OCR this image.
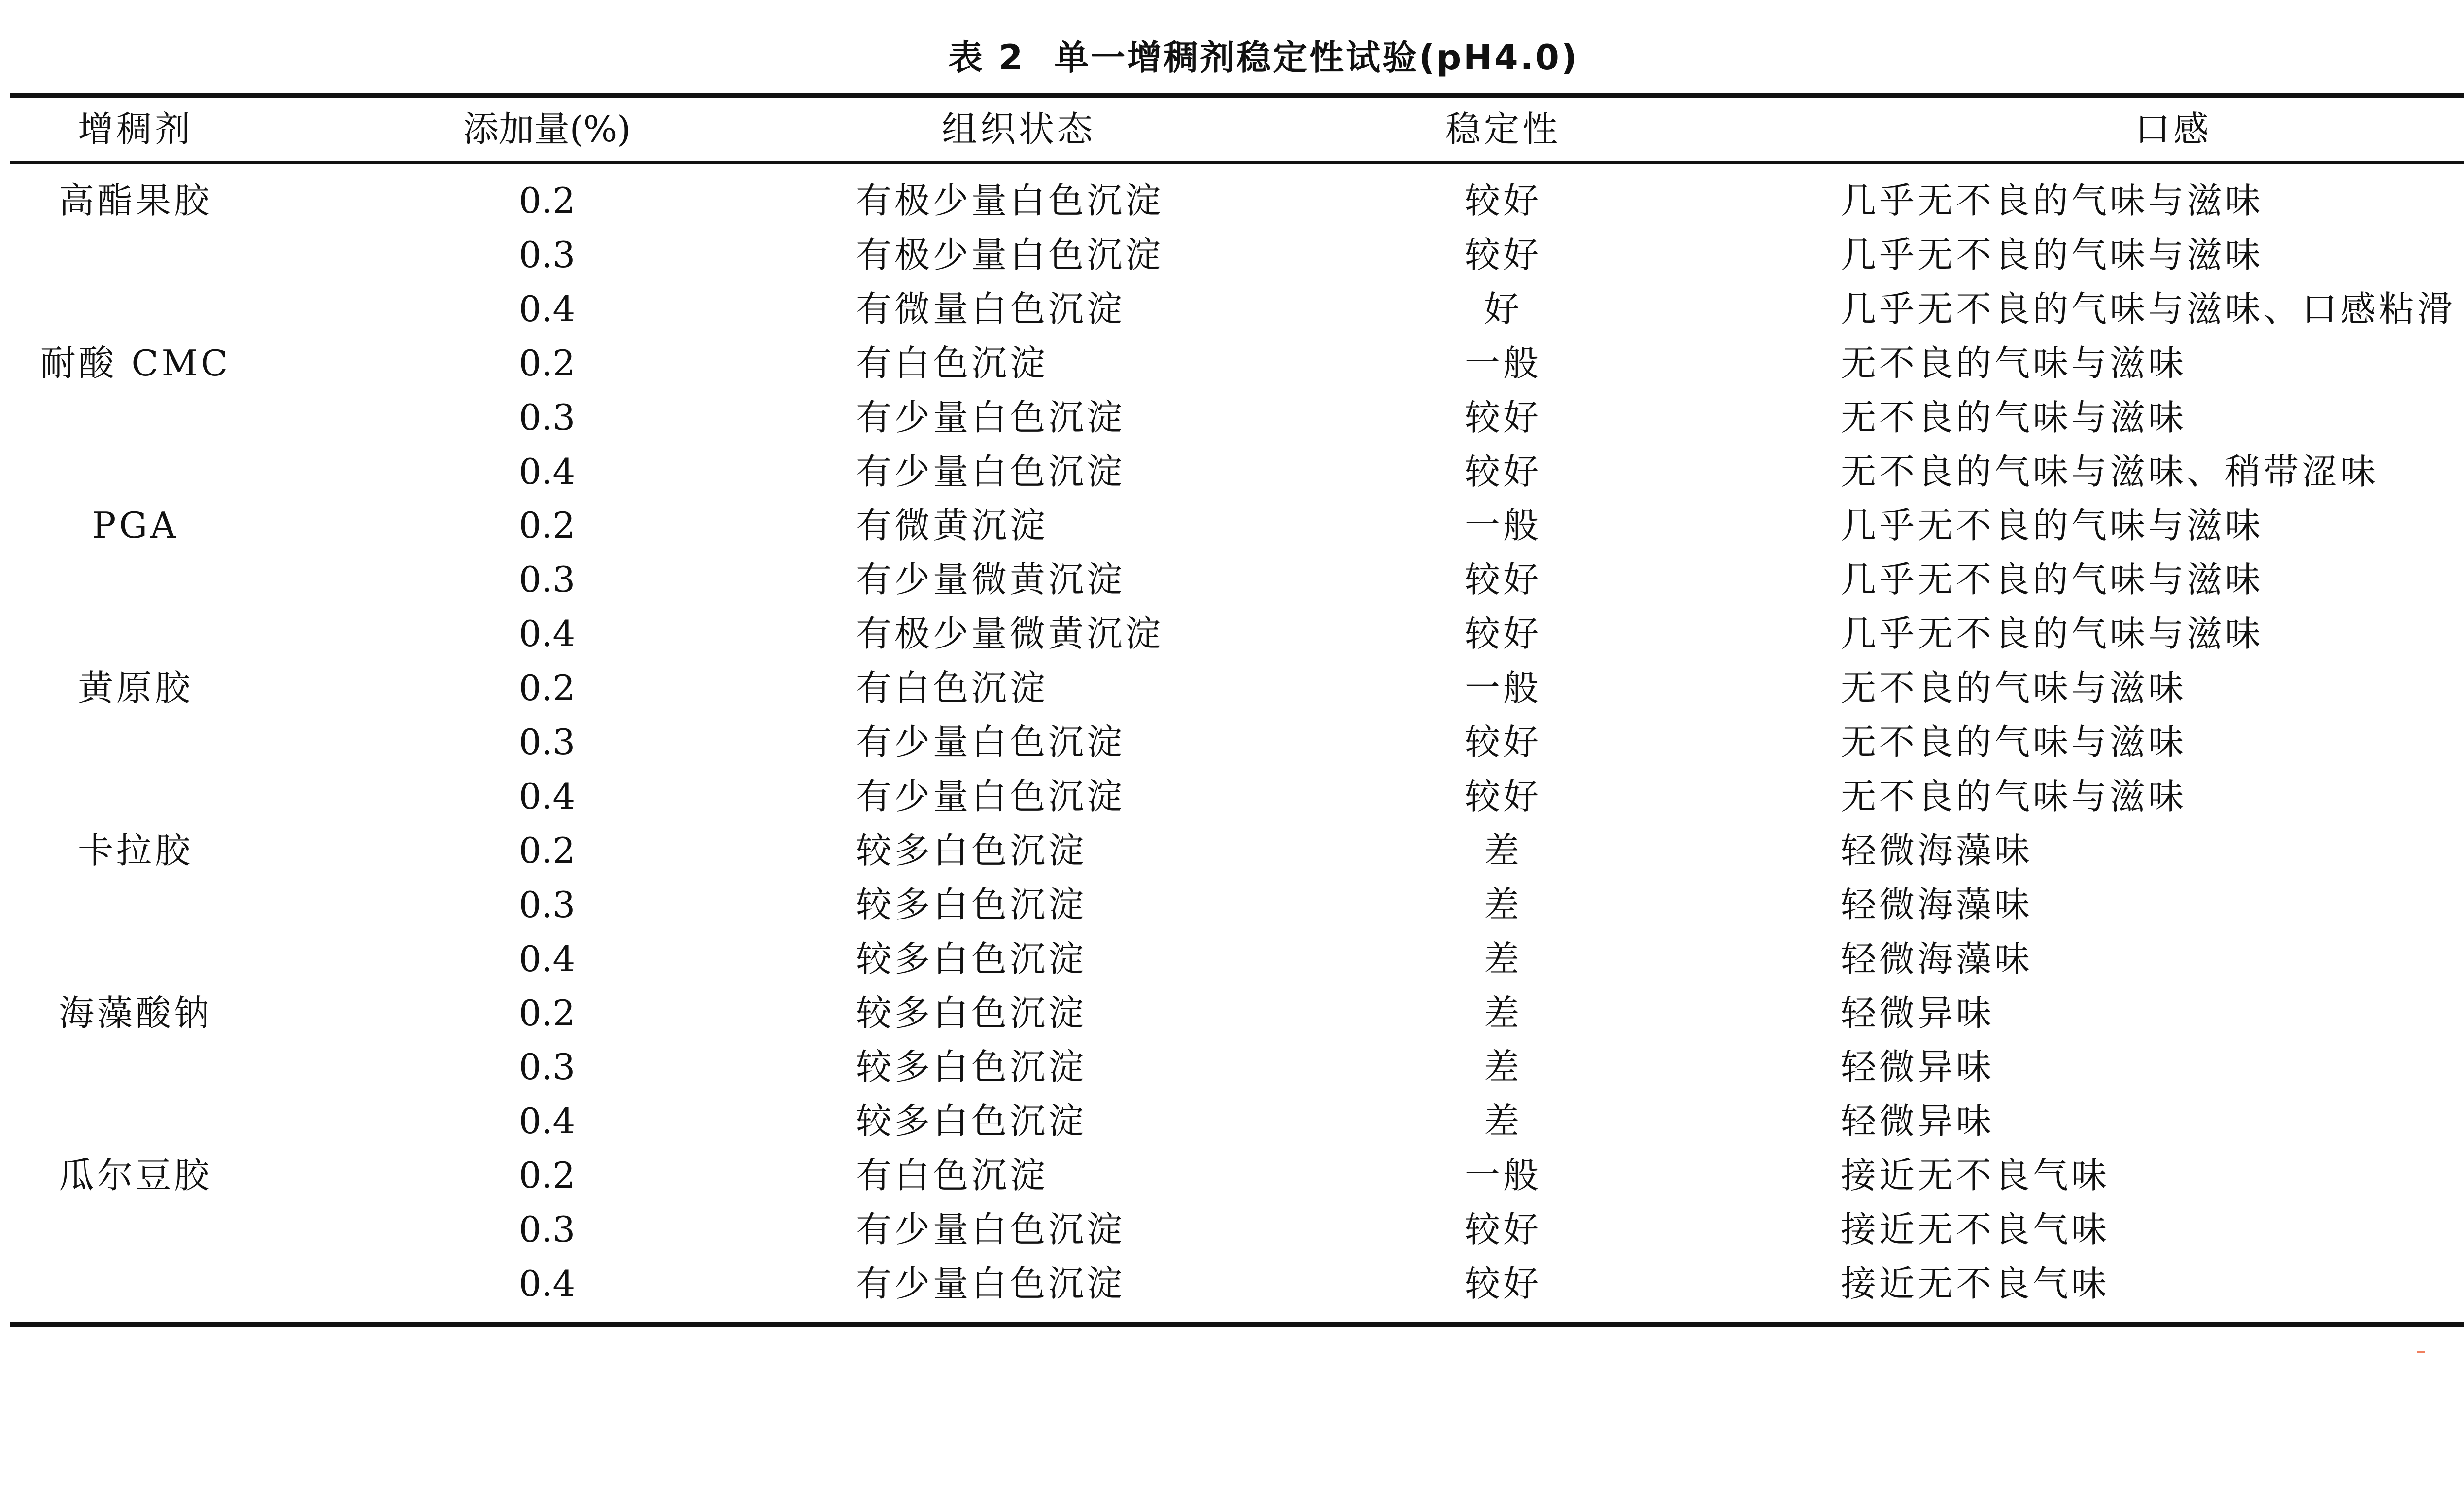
表 2 单一增稠剂稳定性试验(pH4.0)
增稠剂	添加量(%)	组织状态	稳定性	口感
高酯果胶	0.2	有极少量白色沉淀	较好	几乎无不良的气味与滋味
0.3	有极少量白色沉淀	较好	几乎无不良的气味与滋味
0.4	有微量白色沉淀	好	几乎无不良的气味与滋味、口感粘滑
耐酸 CMC	0.2	有白色沉淀	一般	无不良的气味与滋味
0.3	有少量白色沉淀	较好	无不良的气味与滋味
0.4	有少量白色沉淀	较好	无不良的气味与滋味、稍带涩味
PGA	0.2	有微黄沉淀	一般	几乎无不良的气味与滋味
0.3	有少量微黄沉淀	较好	几乎无不良的气味与滋味
0.4	有极少量微黄沉淀	较好	几乎无不良的气味与滋味
黄原胶	0.2	有白色沉淀	一般	无不良的气味与滋味
0.3	有少量白色沉淀	较好	无不良的气味与滋味
0.4	有少量白色沉淀	较好	无不良的气味与滋味
卡拉胶	0.2	较多白色沉淀	差	轻微海藻味
0.3	较多白色沉淀	差	轻微海藻味
0.4	较多白色沉淀	差	轻微海藻味
海藻酸钠	0.2	较多白色沉淀	差	轻微异味
0.3	较多白色沉淀	差	轻微异味
0.4	较多白色沉淀	差	轻微异味
瓜尔豆胶	0.2	有白色沉淀	一般	接近无不良气味
0.3	有少量白色沉淀	较好	接近无不良气味
0.4	有少量白色沉淀	较好	接近无不良气味
